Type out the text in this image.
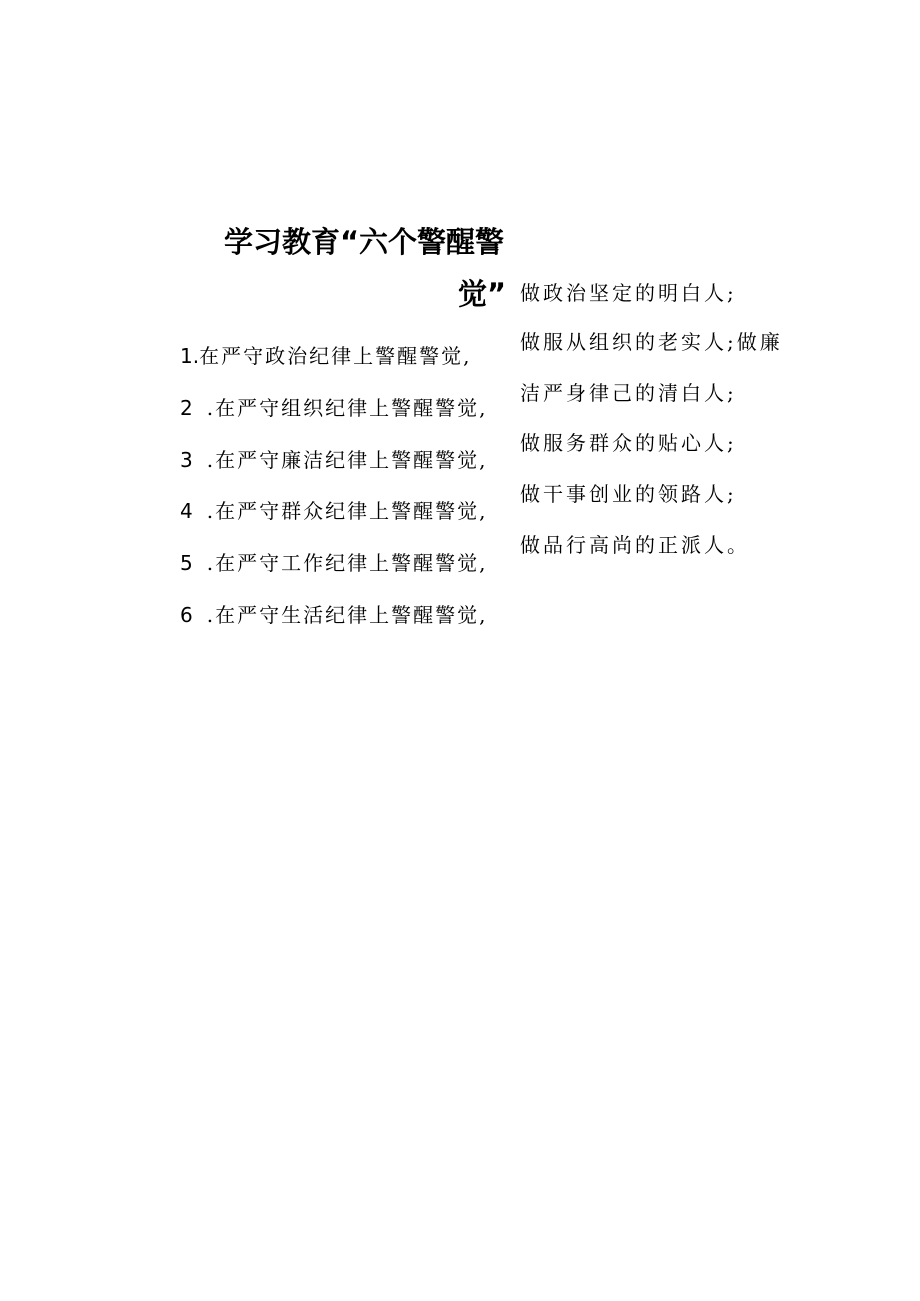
学习教育“六个警醒警
觉”
1.在严守政治纪律上警醒警觉,
2 .在严守组织纪律上警醒警觉,
3 .在严守廉洁纪律上警醒警觉,
4 .在严守群众纪律上警醒警觉,
5 .在严守工作纪律上警醒警觉,
6 .在严守生活纪律上警醒警觉,
做政治坚定的明白人;
做服从组织的老实人;做廉
洁严身律己的清白人;
做服务群众的贴心人;
做干事创业的领路人;
做品行高尚的正派人。
